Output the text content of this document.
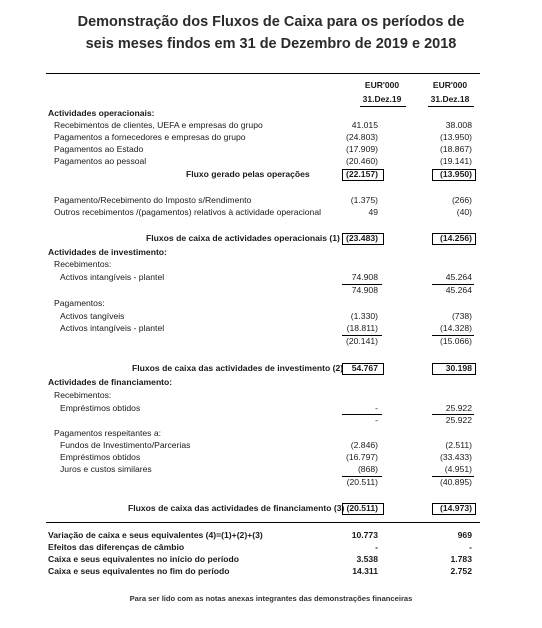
Demonstração dos Fluxos de Caixa para os períodos de
seis meses findos em 31 de Dezembro de 2019 e 2018
EUR'000
31.Dez.19
EUR'000
31.Dez.18
Actividades operacionais:
Recebimentos de clientes, UEFA e empresas do grupo	41.015	38.008
Pagamentos a fornecedores e empresas do grupo	(24.803)	(13.950)
Pagamentos ao Estado	(17.909)	(18.867)
Pagamentos ao pessoal	(20.460)	(19.141)
Fluxo gerado pelas operações	(22.157)	(13.950)
Pagamento/Recebimento do Imposto s/Rendimento	(1.375)	(266)
Outros recebimentos /(pagamentos) relativos à actividade operacional	49	(40)
Fluxos de caixa de actividades operacionais (1) (23.483)	(14.256)
Actividades de investimento:
Recebimentos:
Activos intangíveis - plantel	74.908	45.264
74.908	45.264
Pagamentos:
Activos tangíveis	(1.330)	(738)
Activos intangíveis - plantel	(18.811)	(14.328)
(20.141)	(15.066)
Fluxos de caixa das actividades de investimento (2) 54.767	30.198
Actividades de financiamento:
Recebimentos:
Empréstimos obtidos	-	25.922
-	25.922
Pagamentos respeitantes a:
Fundos de Investimento/Parcerias	(2.846)	(2.511)
Empréstimos obtidos	(16.797)	(33.433)
Juros e custos similares	(868)	(4.951)
(20.511)	(40.895)
Fluxos de caixa das actividades de financiamento (3) (20.511)	(14.973)
Variação de caixa e seus equivalentes (4)=(1)+(2)+(3)	10.773	969
Efeitos das diferenças de câmbio	-	-
Caixa e seus equivalentes no início do período	3.538	1.783
Caixa e seus equivalentes no fim do período	14.311	2.752
Para ser lido com as notas anexas integrantes das demonstrações financeiras
